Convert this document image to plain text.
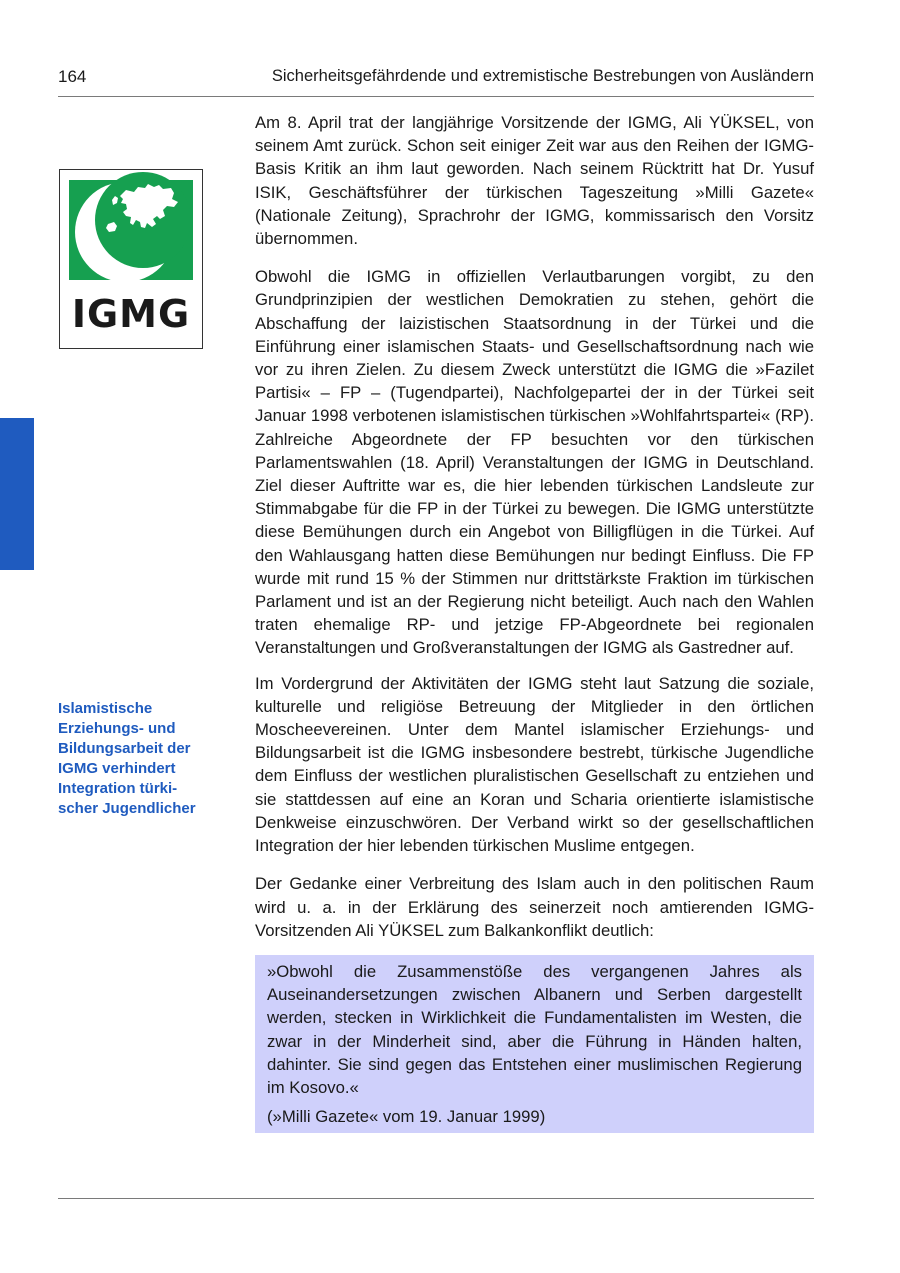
164	Sicherheitsgefährdende und extremistische Bestrebungen von Ausländern
IGMG

Islamistische
Erziehungs- und
Bildungsarbeit der
IGMG verhindert
Integration türki-
scher Jugendlicher

Am 8. April trat der langjährige Vorsitzende der IGMG, Ali YÜKSEL, von seinem Amt zurück. Schon seit einiger Zeit war aus den Reihen der IGMG-Basis Kritik an ihm laut geworden. Nach seinem Rücktritt hat Dr. Yusuf ISIK, Geschäftsführer der türkischen Tageszeitung »Milli Gazete« (Nationale Zeitung), Sprachrohr der IGMG, kommissarisch den Vorsitz übernommen.

Obwohl die IGMG in offiziellen Verlautbarungen vorgibt, zu den Grundprinzipien der westlichen Demokratien zu stehen, gehört die Abschaffung der laizistischen Staatsordnung in der Türkei und die Einführung einer islamischen Staats- und Gesellschaftsordnung nach wie vor zu ihren Zielen. Zu diesem Zweck unterstützt die IGMG die »Fazilet Partisi« – FP – (Tugendpartei), Nachfolgepartei der in der Türkei seit Januar 1998 verbotenen islamistischen türkischen »Wohlfahrtspartei« (RP). Zahlreiche Abgeordnete der FP besuchten vor den türkischen Parlamentswahlen (18. April) Veranstaltungen der IGMG in Deutschland. Ziel dieser Auftritte war es, die hier lebenden türkischen Landsleute zur Stimmabgabe für die FP in der Türkei zu bewegen. Die IGMG unterstützte diese Bemühungen durch ein Angebot von Billigflügen in die Türkei. Auf den Wahlausgang hatten diese Bemühungen nur bedingt Einfluss. Die FP wurde mit rund 15 % der Stimmen nur drittstärkste Fraktion im türkischen Parlament und ist an der Regierung nicht beteiligt. Auch nach den Wahlen traten ehemalige RP- und jetzige FP-Abgeordnete bei regionalen Veranstaltungen und Großveranstaltungen der IGMG als Gastredner auf.

Im Vordergrund der Aktivitäten der IGMG steht laut Satzung die soziale, kulturelle und religiöse Betreuung der Mitglieder in den örtlichen Moscheevereinen. Unter dem Mantel islamischer Erziehungs- und Bildungsarbeit ist die IGMG insbesondere bestrebt, türkische Jugendliche dem Einfluss der westlichen pluralistischen Gesellschaft zu entziehen und sie stattdessen auf eine an Koran und Scharia orientierte islamistische Denkweise einzuschwören. Der Verband wirkt so der gesellschaftlichen Integration der hier lebenden türkischen Muslime entgegen.

Der Gedanke einer Verbreitung des Islam auch in den politischen Raum wird u. a. in der Erklärung des seinerzeit noch amtierenden IGMG-Vorsitzenden Ali YÜKSEL zum Balkankonflikt deutlich:

»Obwohl die Zusammenstöße des vergangenen Jahres als Auseinandersetzungen zwischen Albanern und Serben dargestellt werden, stecken in Wirklichkeit die Fundamentalisten im Westen, die zwar in der Minderheit sind, aber die Führung in Händen halten, dahinter. Sie sind gegen das Entstehen einer muslimischen Regierung im Kosovo.«

(»Milli Gazete« vom 19. Januar 1999)
